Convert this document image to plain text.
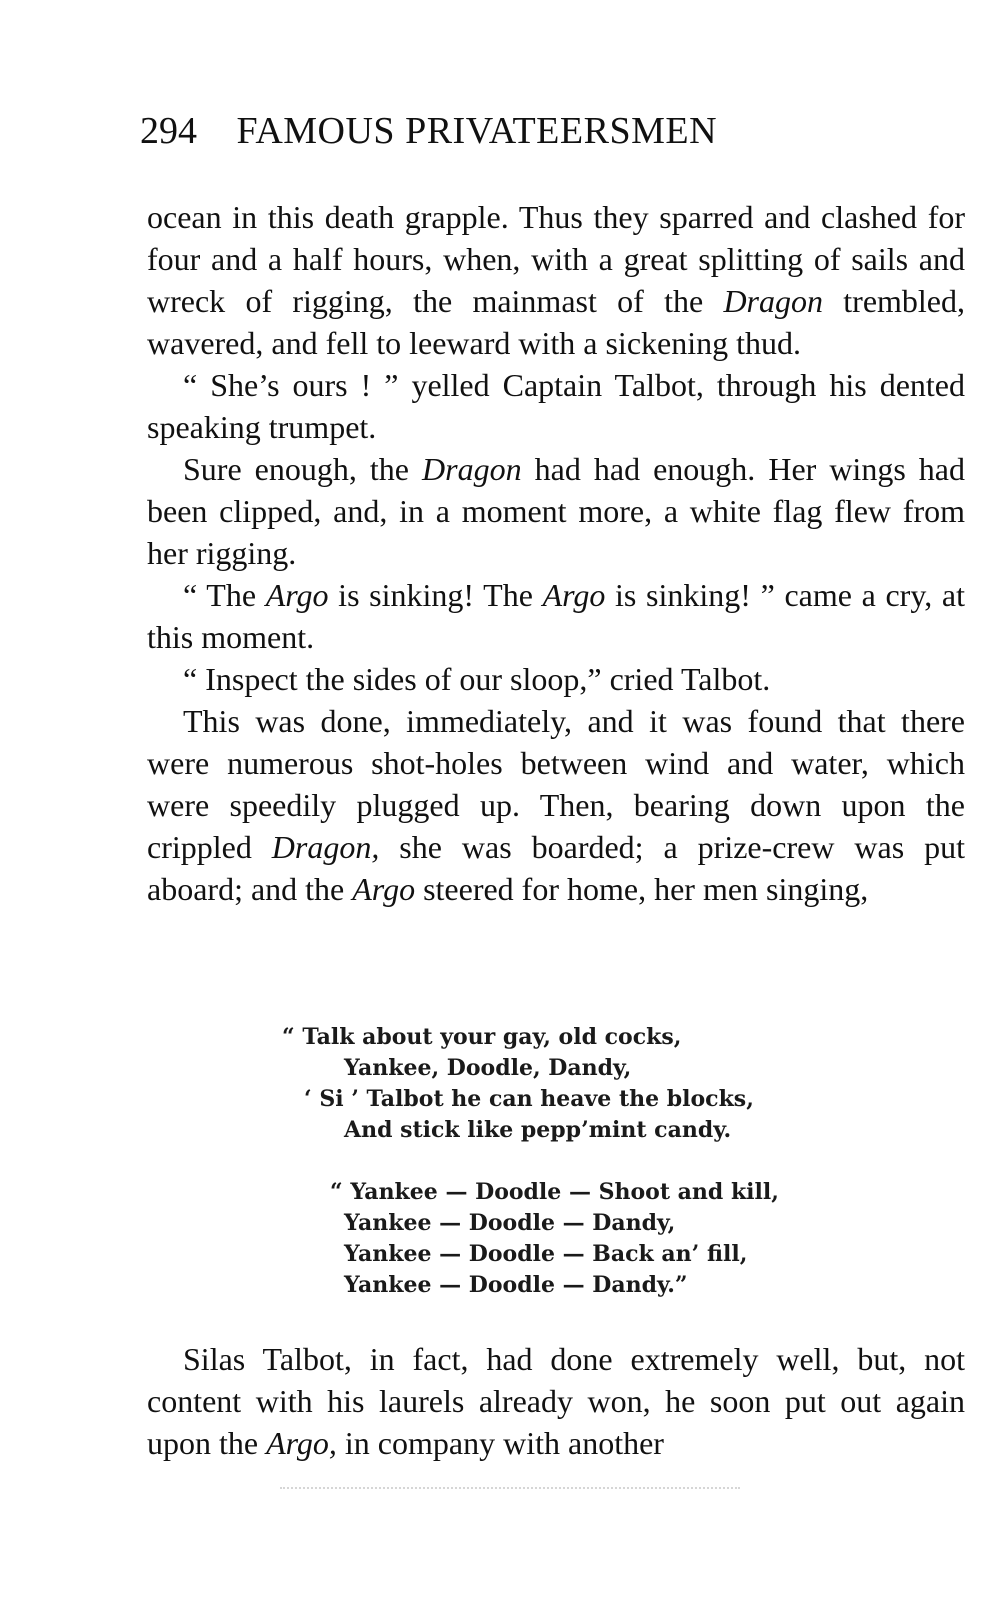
294 FAMOUS PRIVATEERSMEN

ocean in this death grapple. Thus they sparred and clashed for four and a half hours, when, with a great splitting of sails and wreck of rigging, the mainmast of the Dragon trembled, wavered, and fell to leeward with a sickening thud.

“ She’s ours ! ” yelled Captain Talbot, through his dented speaking trumpet.

Sure enough, the Dragon had had enough. Her wings had been clipped, and, in a moment more, a white flag flew from her rigging.

“ The Argo is sinking! The Argo is sinking! ” came a cry, at this moment.

“ Inspect the sides of our sloop,” cried Talbot.

This was done, immediately, and it was found that there were numerous shot-holes between wind and water, which were speedily plugged up. Then, bearing down upon the crippled Dragon, she was boarded; a prize-crew was put aboard; and the Argo steered for home, her men singing,

“ Talk about your gay, old cocks,
Yankee, Doodle, Dandy,
‘ Si ’ Talbot he can heave the blocks,
And stick like pepp’mint candy.
“ Yankee — Doodle — Shoot and kill,
Yankee — Doodle — Dandy,
Yankee — Doodle — Back an’ fill,
Yankee — Doodle — Dandy.”

Silas Talbot, in fact, had done extremely well, but, not content with his laurels already won, he soon put out again upon the Argo, in company with another
